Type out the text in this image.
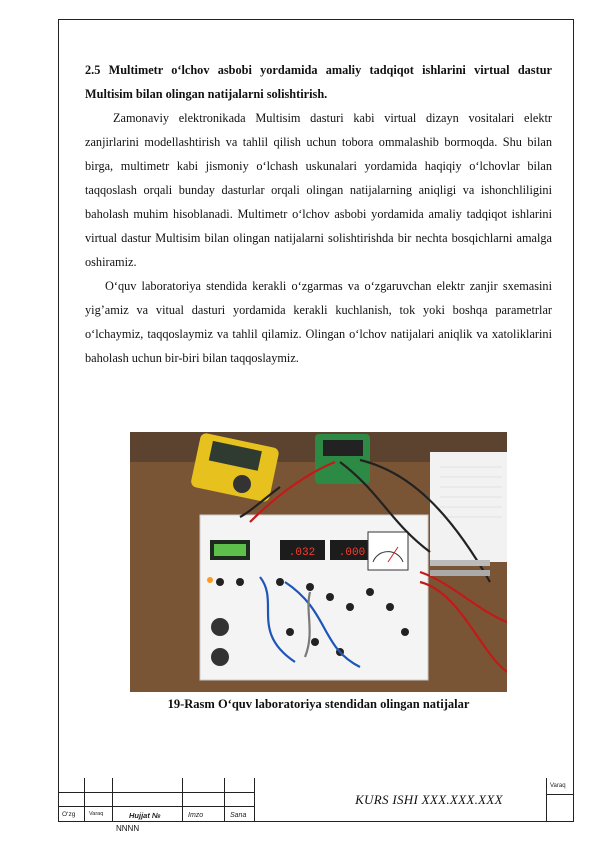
2.5 Multimetr o‘lchov asbobi yordamida amaliy tadqiqot ishlarini virtual dastur Multisim bilan olingan natijalarni solishtirish.

Zamonaviy elektronikada Multisim dasturi kabi virtual dizayn vositalari elektr zanjirlarini modellashtirish va tahlil qilish uchun tobora ommalashib bormoqda. Shu bilan birga, multimetr kabi jismoniy o‘lchash uskunalari yordamida haqiqiy o‘lchovlar bilan taqqoslash orqali bunday dasturlar orqali olingan natijalarning aniqligi va ishonchliligini baholash muhim hisoblanadi. Multimetr o‘lchov asbobi yordamida amaliy tadqiqot ishlarini virtual dastur Multisim bilan olingan natijalarni solishtirishda bir nechta bosqichlarni amalga oshiramiz.

O‘quv laboratoriya stendida kerakli o‘zgarmas va o‘zgaruvchan elektr zanjir sxemasini yig’amiz va vitual dasturi yordamida kerakli kuchlanish, tok yoki boshqa parametrlar o‘lchaymiz, taqqoslaymiz va tahlil qilamiz. Olingan o‘lchov natijalari aniqlik va xatoliklarini baholash uchun bir-biri bilan taqqoslaymiz.

.032 .000
19-Rasm O‘quv laboratoriya stendidan olingan natijalar
O‘zg Varaq	Hujjat №	Imzo	Sana
KURS ISHI XXX.XXX.XXX
Varaq
NNNN
